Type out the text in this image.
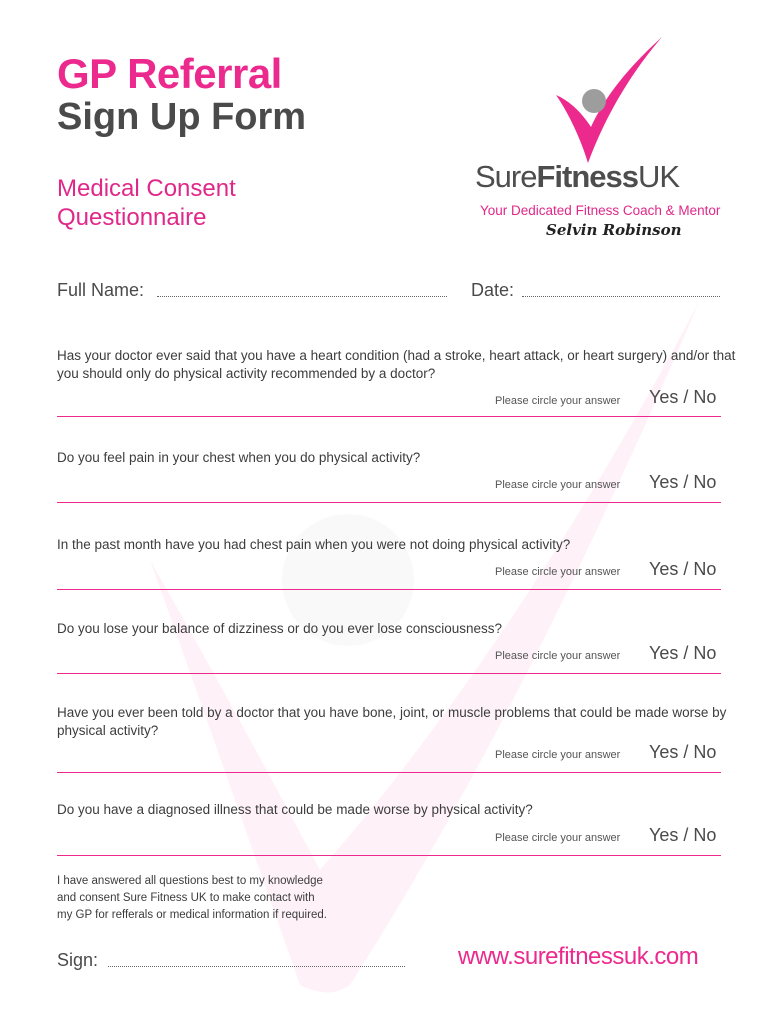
GP Referral
Sign Up Form
Medical Consent
Questionnaire
SureFitnessUK
Your Dedicated Fitness Coach & Mentor
Selvin Robinson
Full Name:	Date:
Has your doctor ever said that you have a heart condition (had a stroke, heart attack, or heart surgery) and/or that you should only do physical activity recommended by a doctor?
Please circle your answer Yes / No
Do you feel pain in your chest when you do physical activity?
Please circle your answer Yes / No
In the past month have you had chest pain when you were not doing physical activity?
Please circle your answer Yes / No
Do you lose your balance of dizziness or do you ever lose consciousness?
Please circle your answer Yes / No
Have you ever been told by a doctor that you have bone, joint, or muscle problems that could be made worse by physical activity?
Please circle your answer Yes / No
Do you have a diagnosed illness that could be made worse by physical activity?
Please circle your answer Yes / No
I have answered all questions best to my knowledge
and consent Sure Fitness UK to make contact with
my GP for refferals or medical information if required.
Sign:	www.surefitnessuk.com
